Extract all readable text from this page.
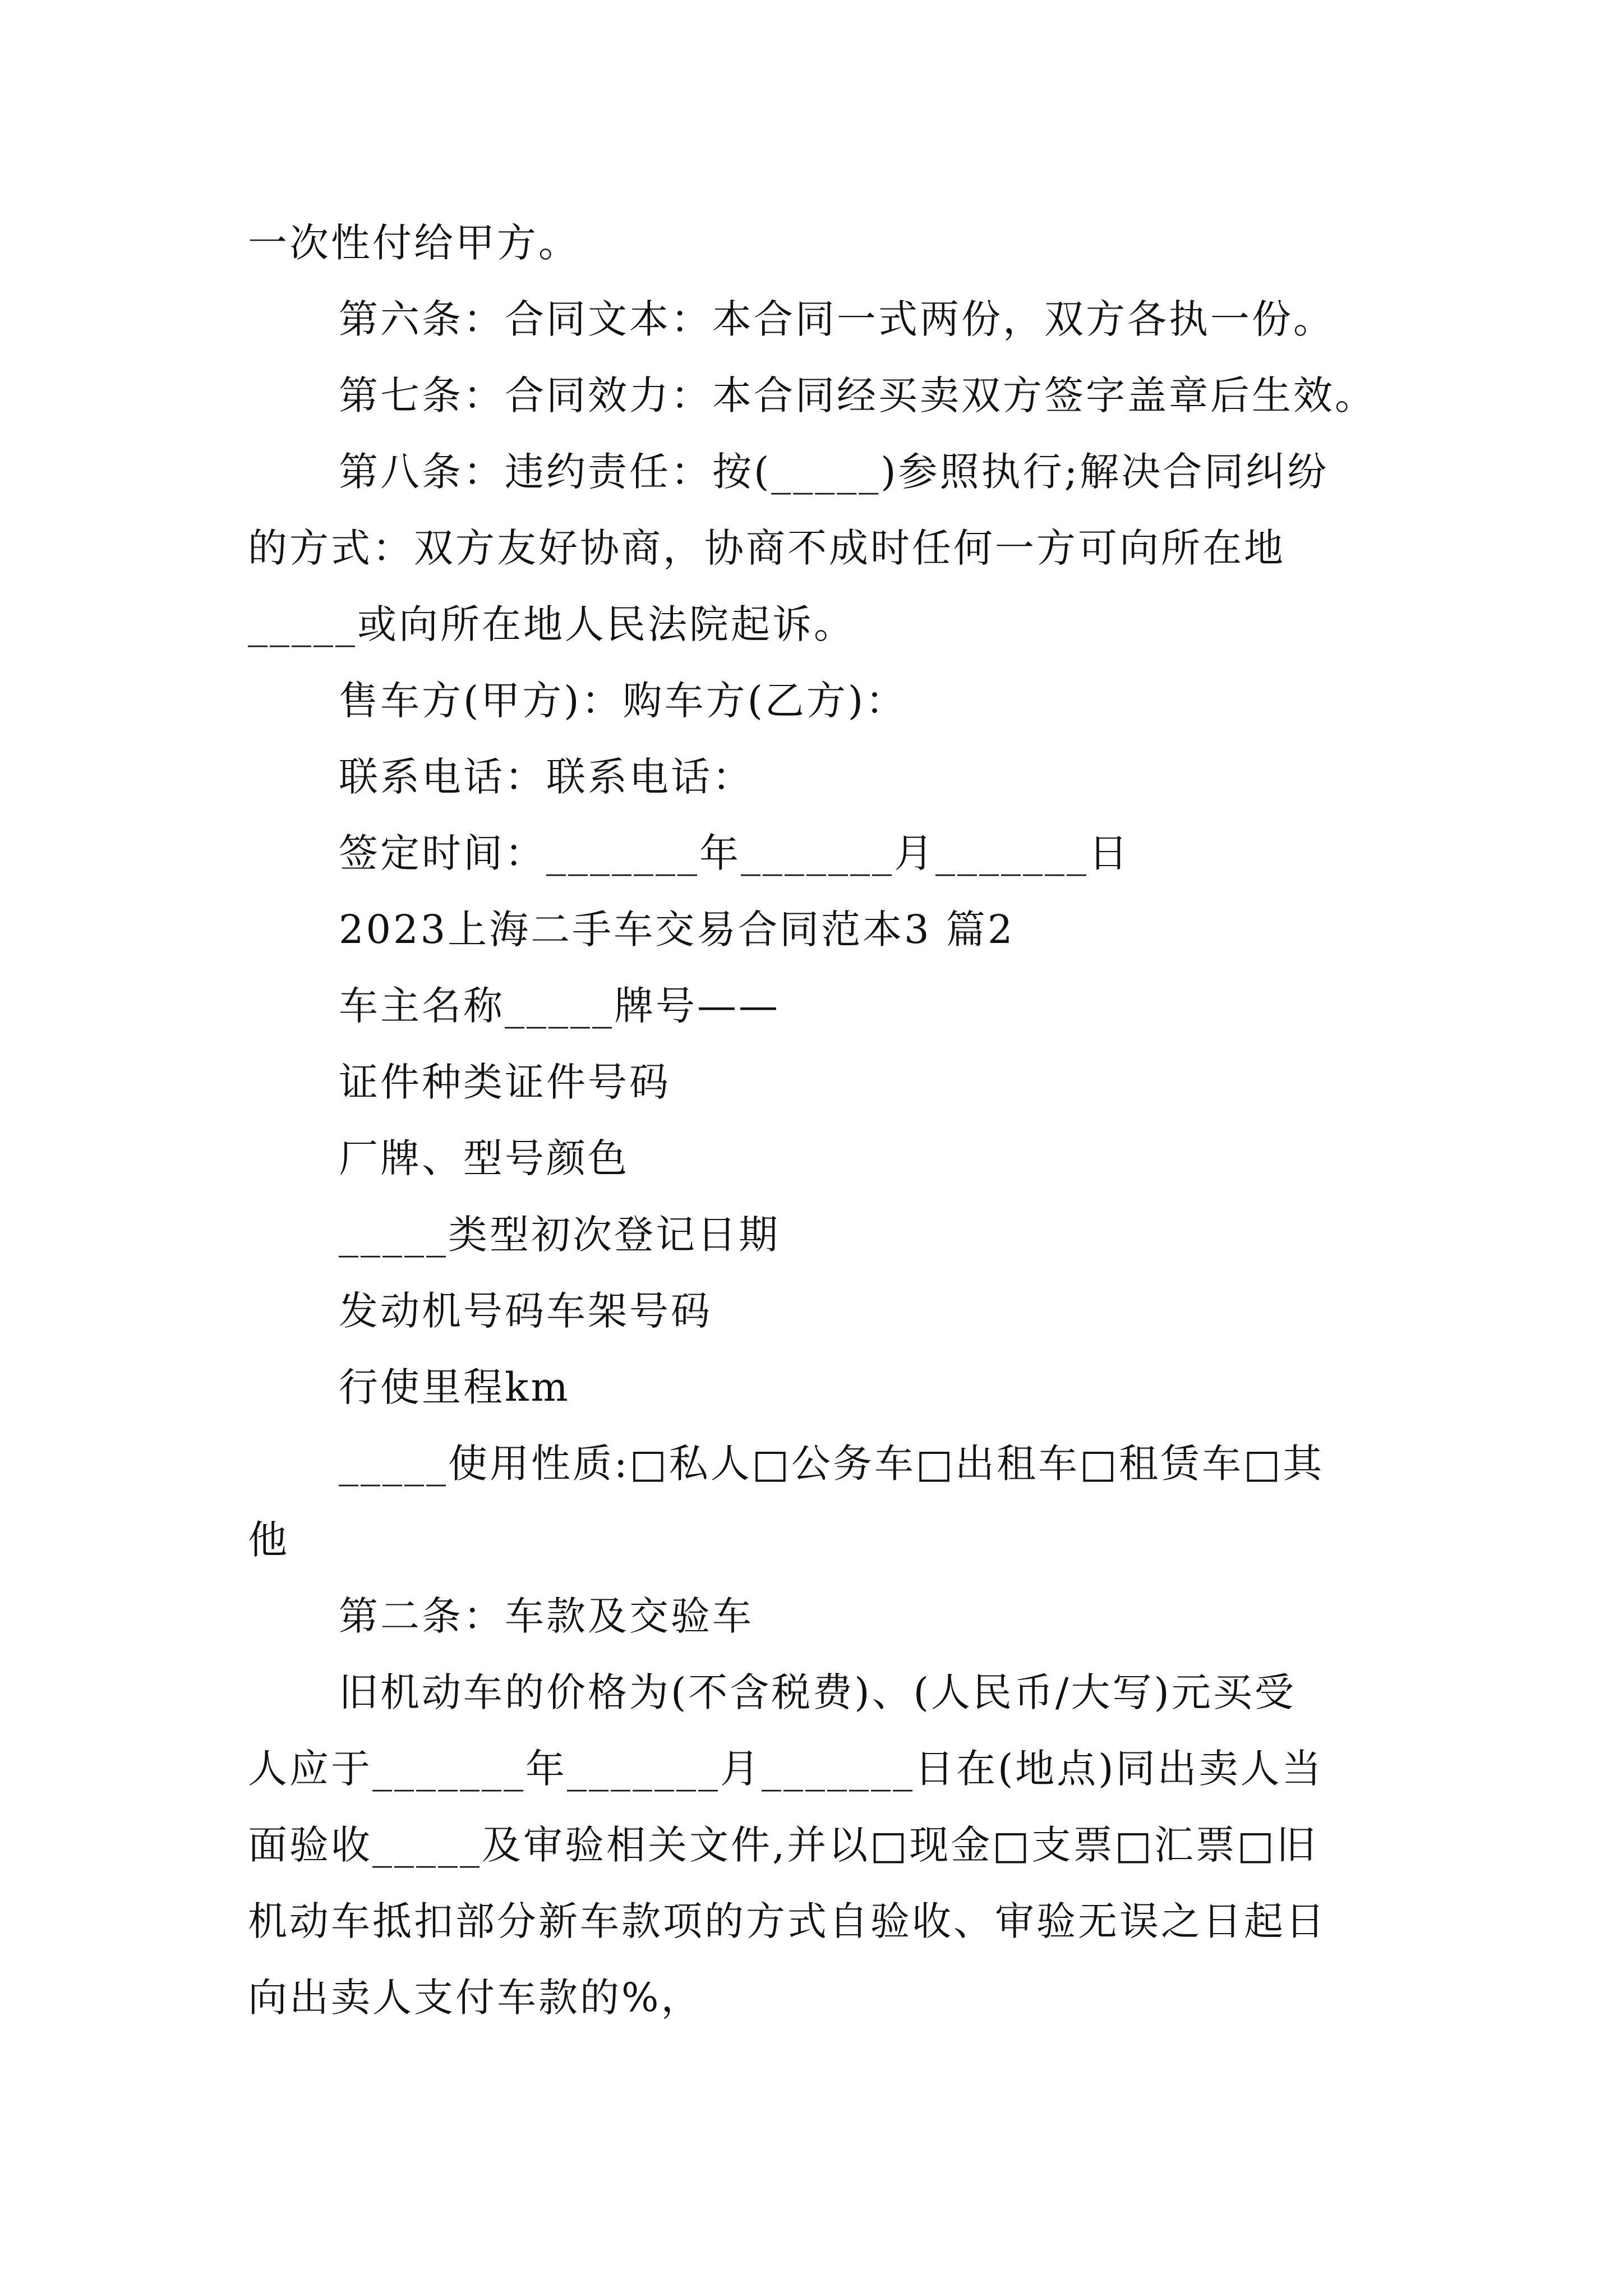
一次性付给甲方。
第六条：合同文本：本合同一式两份，双方各执一份。
第七条：合同效力：本合同经买卖双方签字盖章后生效。
第八条：违约责任：按(_____)参照执行;解决合同纠纷
的方式：双方友好协商，协商不成时任何一方可向所在地
_____或向所在地人民法院起诉。
售车方(甲方)：购车方(乙方)：
联系电话：联系电话：
签定时间：_______年_______月_______日
2023上海二手车交易合同范本3 篇2
车主名称_____牌号——
证件种类证件号码
厂牌、型号颜色
_____类型初次登记日期
发动机号码车架号码
行使里程km
_____使用性质:□私人□公务车□出租车□租赁车□其
他
第二条：车款及交验车
旧机动车的价格为(不含税费)、(人民币/大写)元买受
人应于_______年_______月_______日在(地点)同出卖人当
面验收_____及审验相关文件,并以□现金□支票□汇票□旧
机动车抵扣部分新车款项的方式自验收、审验无误之日起日
向出卖人支付车款的%，
